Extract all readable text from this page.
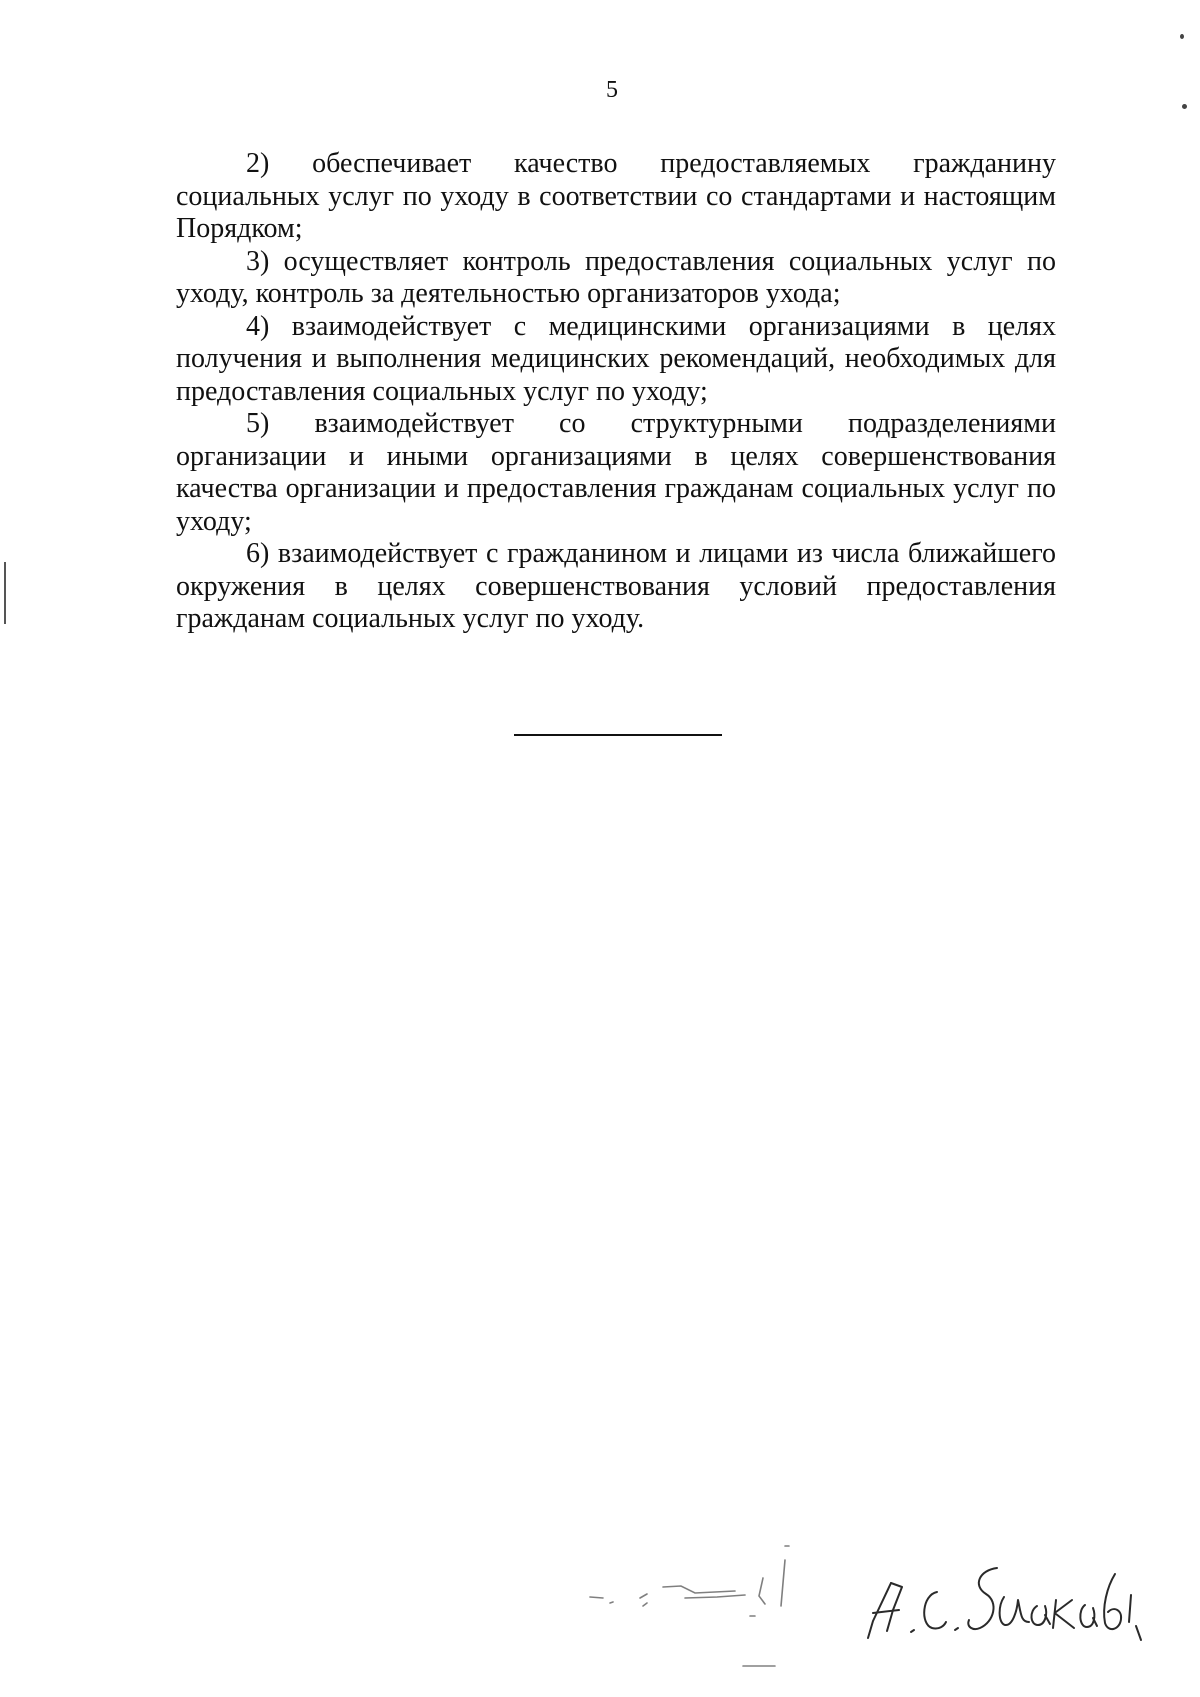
5

2) обеспечивает качество предоставляемых гражданину социальных услуг по уходу в соответствии со стандартами и настоящим Порядком;

3) осуществляет контроль предоставления социальных услуг по уходу, контроль за деятельностью организаторов ухода;

4) взаимодействует с медицинскими организациями в целях получения и выполнения медицинских рекомендаций, необходимых для предоставления социальных услуг по уходу;

5) взаимодействует со структурными подразделениями организации и иными организациями в целях совершенствования качества организации и предоставления гражданам социальных услуг по уходу;

6) взаимодействует с гражданином и лицами из числа ближайшего окружения в целях совершенствования условий предоставления гражданам социальных услуг по уходу.
